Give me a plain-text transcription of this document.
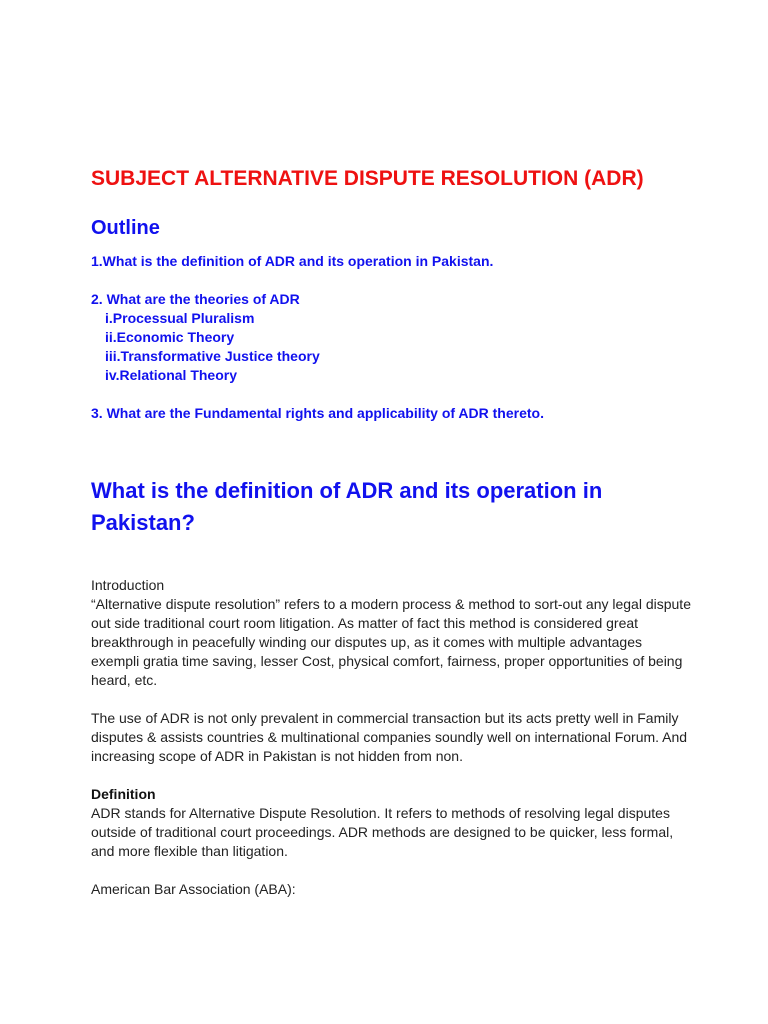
SUBJECT ALTERNATIVE DISPUTE RESOLUTION (ADR)
Outline
1.What is the definition of ADR and its operation in Pakistan.
2. What are the theories of ADR
i.Processual Pluralism
ii.Economic Theory
iii.Transformative Justice theory
iv.Relational Theory
3. What are the Fundamental rights and applicability of ADR thereto.
What is the definition of ADR and its operation in Pakistan?

Introduction
“Alternative dispute resolution” refers to a modern process & method to sort-out any legal dispute out side traditional court room litigation. As matter of fact this method is considered great breakthrough in peacefully winding our disputes up, as it comes with multiple advantages exempli gratia time saving, lesser Cost, physical comfort, fairness, proper opportunities of being heard, etc.

The use of ADR is not only prevalent in commercial transaction but its acts pretty well in Family disputes & assists countries & multinational companies soundly well on international Forum. And increasing scope of ADR in Pakistan is not hidden from non.

Definition
ADR stands for Alternative Dispute Resolution. It refers to methods of resolving legal disputes outside of traditional court proceedings. ADR methods are designed to be quicker, less formal, and more flexible than litigation.

American Bar Association (ABA):
